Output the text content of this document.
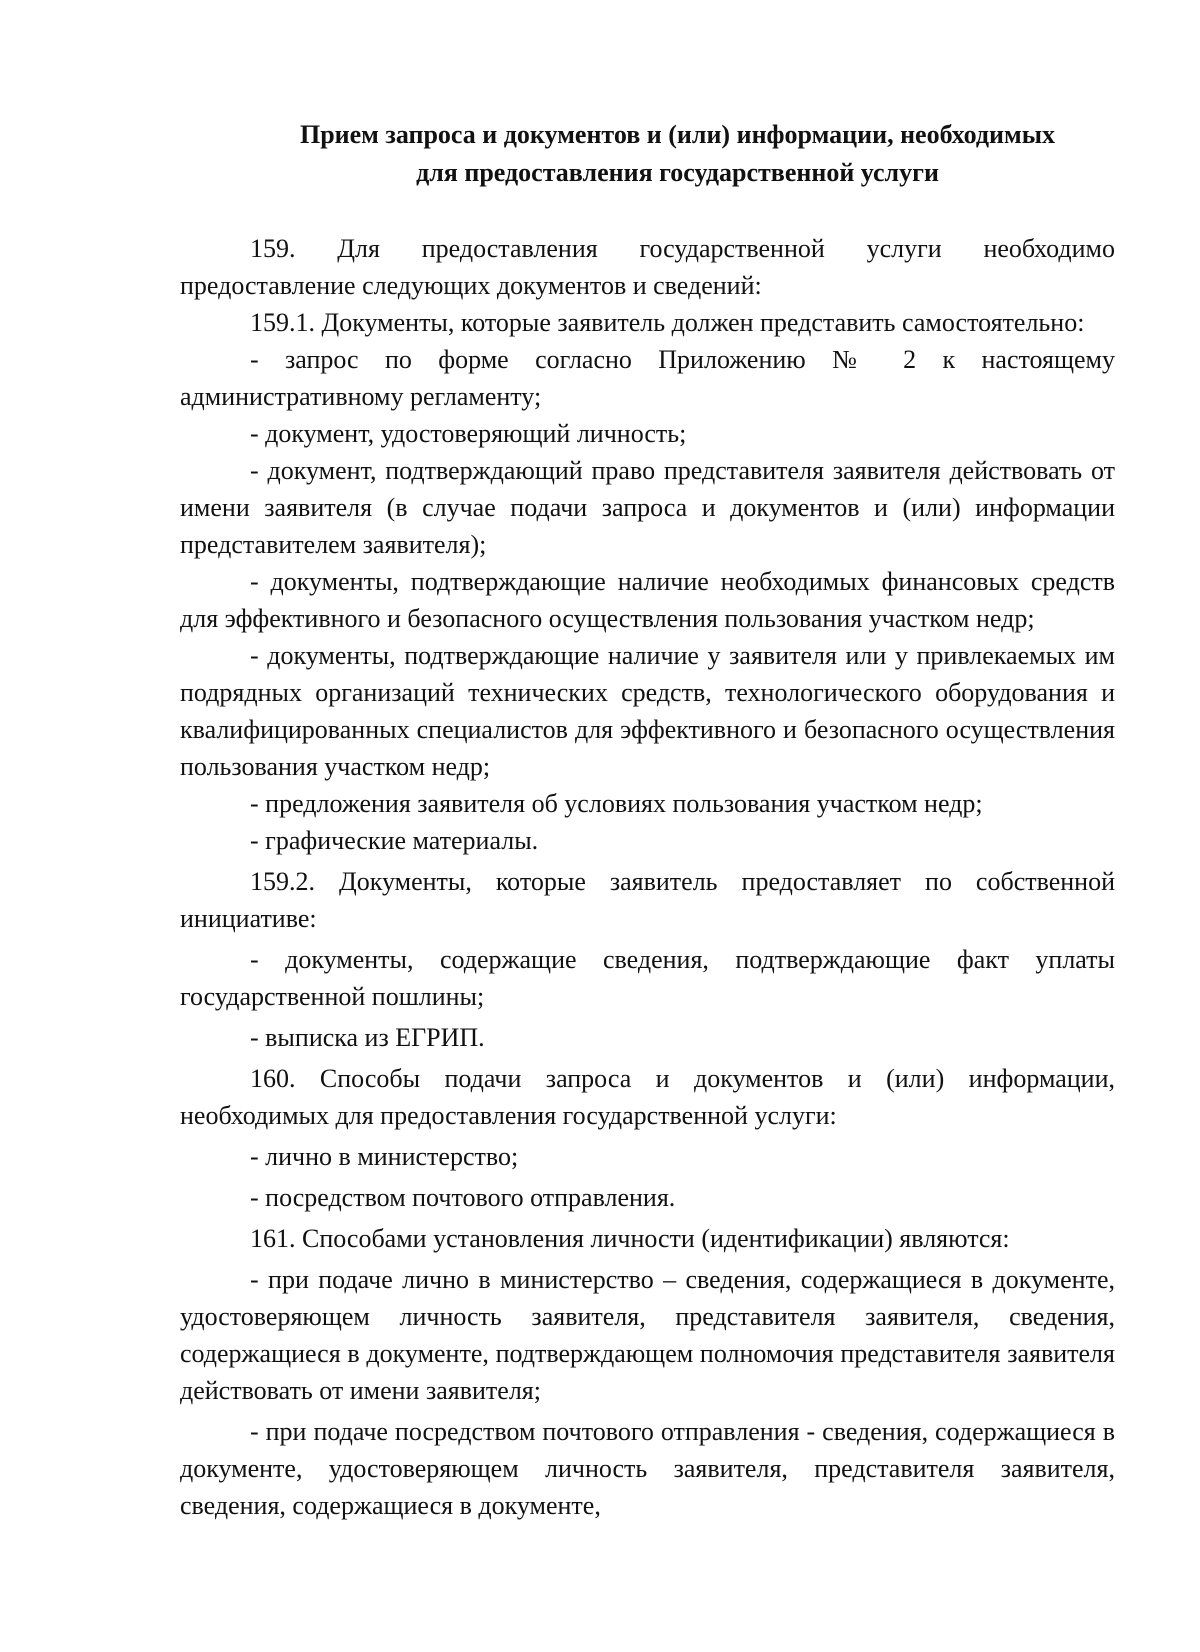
Прием запроса и документов и (или) информации, необходимых
для предоставления государственной услуги

159. Для предоставления государственной услуги необходимо предоставление следующих документов и сведений:

159.1. Документы, которые заявитель должен представить самостоятельно:

- запрос по форме согласно Приложению № 2 к настоящему административному регламенту;

- документ, удостоверяющий личность;

- документ, подтверждающий право представителя заявителя действовать от имени заявителя (в случае подачи запроса и документов и (или) информации представителем заявителя);

- документы, подтверждающие наличие необходимых финансовых средств для эффективного и безопасного осуществления пользования участком недр;

- документы, подтверждающие наличие у заявителя или у привлекаемых им подрядных организаций технических средств, технологического оборудования и квалифицированных специалистов для эффективного и безопасного осуществления пользования участком недр;

- предложения заявителя об условиях пользования участком недр;

- графические материалы.

159.2. Документы, которые заявитель предоставляет по собственной инициативе:

- документы, содержащие сведения, подтверждающие факт уплаты государственной пошлины;

- выписка из ЕГРИП.

160. Способы подачи запроса и документов и (или) информации, необходимых для предоставления государственной услуги:

- лично в министерство;

- посредством почтового отправления.

161. Способами установления личности (идентификации) являются:

- при подаче лично в министерство – сведения, содержащиеся в документе, удостоверяющем личность заявителя, представителя заявителя, сведения, содержащиеся в документе, подтверждающем полномочия представителя заявителя действовать от имени заявителя;

- при подаче посредством почтового отправления - сведения, содержащиеся в документе, удостоверяющем личность заявителя, представителя заявителя, сведения, содержащиеся в документе,
